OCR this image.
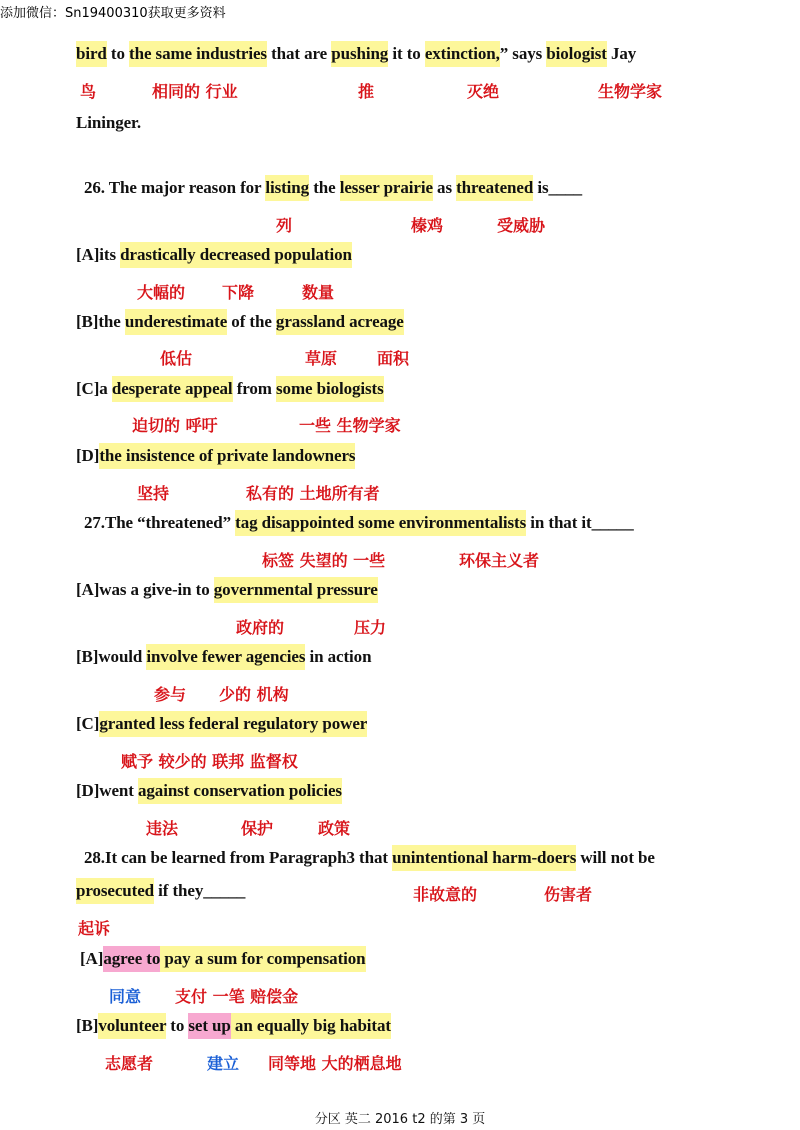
添加微信：Sn19400310获取更多资料
bird to the same industries that are pushing it to extinction,” says biologist Jay
Lininger.
26. The major reason for listing the lesser prairie as threatened is____
[A]its drastically decreased population
[B]the underestimate of the grassland acreage
[C]a desperate appeal from some biologists
[D]the insistence of private landowners
27.The “threatened” tag disappointed some environmentalists in that it_____
[A]was a give-in to governmental pressure
[B]would involve fewer agencies in action
[C]granted less federal regulatory power
[D]went against conservation policies
28.It can be learned from Paragraph3 that unintentional harm-doers will not be
prosecuted if they_____
[A]agree to pay a sum for compensation
[B]volunteer to set up an equally big habitat
鸟	相同的 行业	推	灭绝	生物学家
列	榛鸡	受威胁
大幅的 下降	数量
低估	草原 面积
迫切的 呼吁	一些 生物学家
坚持	私有的 土地所有者
标签 失望的 一些	环保主义者
政府的	压力
参与 少的 机构
赋予 较少的 联邦 监督权
违法	保护	政策
非故意的	伤害者
起诉
同意 支付 一笔 赔偿金
志愿者	建立 同等地 大的栖息地
分区 英二 2016 t2 的第 3 页
